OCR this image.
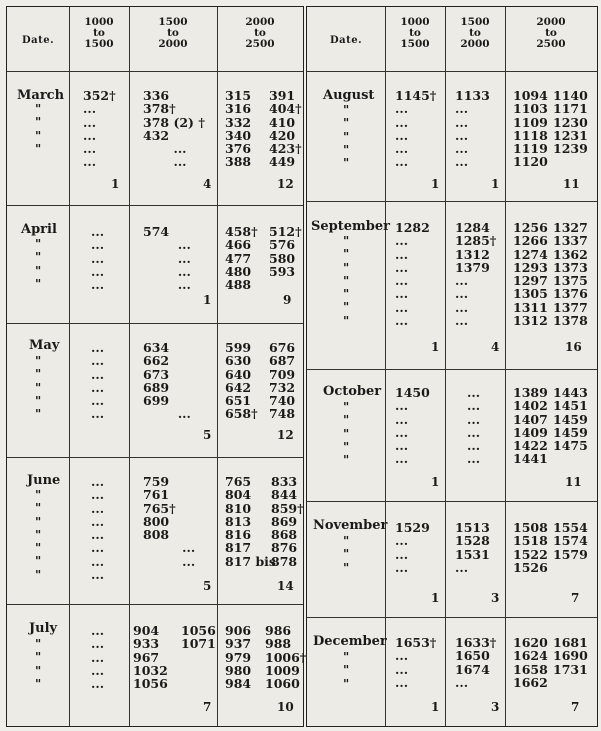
Date.
1000
to
1500
1500
to
2000
2000
to
2500
March
"
"
"
"
352†
...
...
...
...
...
1
336
378†
378 (2) †
432
...
...
4
315
316
332
340
376
388
391
404†
410
420
423†
449
12
April
"
"
"
"
...
...
...
...
...
574
...
...
...
...
1
458†
466
477
480
488
512†
576
580
593
9
May
"
"
"
"
"
...
...
...
...
...
...
634
662
673
689
699
...
5
599
630
640
642
651
658†
676
687
709
732
740
748
12
June
"
"
"
"
"
"
"
...
...
...
...
...
...
...
...
759
761
765†
800
808
...
...
5
765
804
810
813
816
817
817 bis
833
844
859†
869
868
876
878
14
July
"
"
"
"
...
...
...
...
...
904
933
967
1032
1056
1056
1071
7
906
937
979
980
984
986
988
1006†
1009
1060
10
Date.
1000
to
1500
1500
to
2000
2000
to
2500
August
"
"
"
"
"
1145†
...
...
...
...
...
1
1133
...
...
...
...
...
1
1094
1103
1109
1118
1119
1120
1140
1171
1230
1231
1239
11
September
"
"
"
"
"
"
"
1282
...
...
...
...
...
...
...
1
1284
1285†
1312
1379
...
...
...
...
4
1256
1266
1274
1293
1297
1305
1311
1312
1327
1337
1362
1373
1375
1376
1377
1378
16
October
"
"
"
"
"
1450
...
...
...
...
...
1
...
...
...
...
...
...
1389
1402
1407
1409
1422
1441
1443
1451
1459
1459
1475
11
November
"
"
"
1529
...
...
...
1
1513
1528
1531
...
3
1508
1518
1522
1526
1554
1574
1579
7
December
"
"
"
1653†
...
...
...
1
1633†
1650
1674
...
3
1620
1624
1658
1662
1681
1690
1731
7
